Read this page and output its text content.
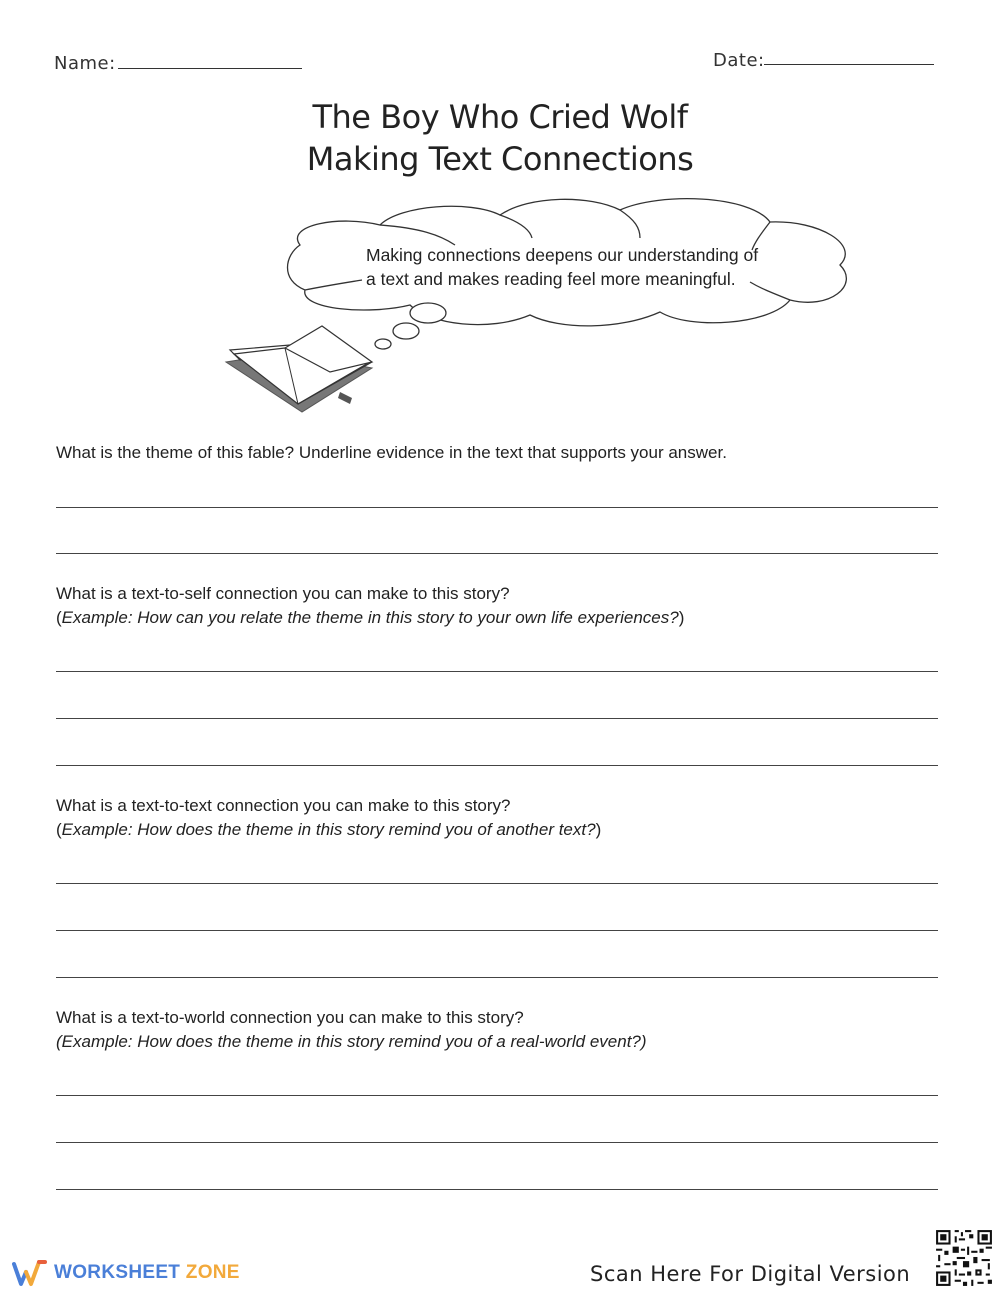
Name:	Date:
The Boy Who Cried Wolf
Making Text Connections
Making connections deepens our understanding of
a text and makes reading feel more meaningful.
What is the theme of this fable? Underline evidence in the text that supports your answer.
What is a text-to-self connection you can make to this story?
(Example: How can you relate the theme in this story to your own life experiences?)
What is a text-to-text connection you can make to this story?
(Example: How does the theme in this story remind you of another text?)
What is a text-to-world connection you can make to this story?
(Example: How does the theme in this story remind you of a real-world event?)
WORKSHEET ZONE	Scan Here For Digital Version
